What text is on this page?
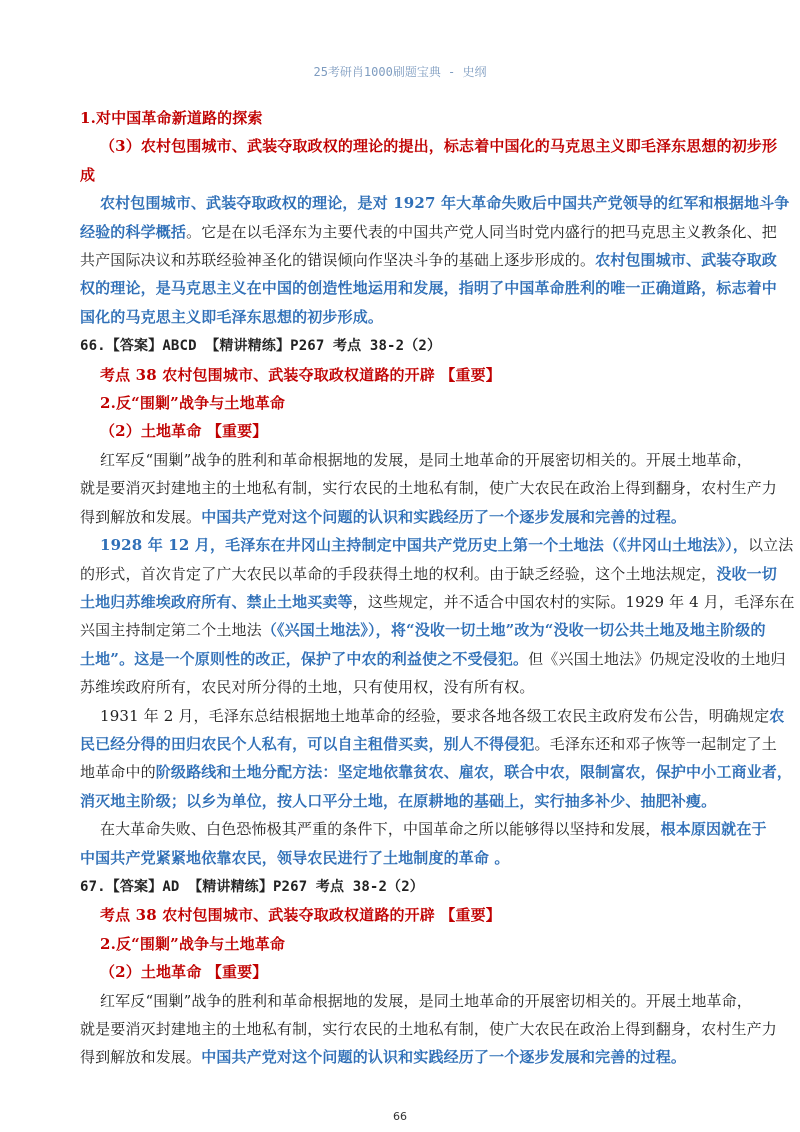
25考研肖1000刷题宝典 - 史纲
1.对中国革命新道路的探索
（3）农村包围城市、武装夺取政权的理论的提出，标志着中国化的马克思主义即毛泽东思想的初步形
成
农村包围城市、武装夺取政权的理论，是对 1927 年大革命失败后中国共产党领导的红军和根据地斗争
经验的科学概括。它是在以毛泽东为主要代表的中国共产党人同当时党内盛行的把马克思主义教条化、把
共产国际决议和苏联经验神圣化的错误倾向作坚决斗争的基础上逐步形成的。农村包围城市、武装夺取政
权的理论，是马克思主义在中国的创造性地运用和发展，指明了中国革命胜利的唯一正确道路，标志着中
国化的马克思主义即毛泽东思想的初步形成。
66.【答案】ABCD 【精讲精练】P267 考点 38-2（2）
考点 38 农村包围城市、武装夺取政权道路的开辟 【重要】
2.反“围剿”战争与土地革命
（2）土地革命 【重要】
红军反“围剿”战争的胜利和革命根据地的发展，是同土地革命的开展密切相关的。开展土地革命，
就是要消灭封建地主的土地私有制，实行农民的土地私有制，使广大农民在政治上得到翻身，农村生产力
得到解放和发展。中国共产党对这个问题的认识和实践经历了一个逐步发展和完善的过程。
1928 年 12 月，毛泽东在井冈山主持制定中国共产党历史上第一个土地法（《井冈山土地法》），以立法
的形式，首次肯定了广大农民以革命的手段获得土地的权利。由于缺乏经验，这个土地法规定，没收一切
土地归苏维埃政府所有、禁止土地买卖等，这些规定，并不适合中国农村的实际。1929 年 4 月，毛泽东在
兴国主持制定第二个土地法（《兴国土地法》），将“没收一切土地”改为“没收一切公共土地及地主阶级的
土地”。这是一个原则性的改正，保护了中农的利益使之不受侵犯。但《兴国土地法》仍规定没收的土地归
苏维埃政府所有，农民对所分得的土地，只有使用权，没有所有权。
1931 年 2 月，毛泽东总结根据地土地革命的经验，要求各地各级工农民主政府发布公告，明确规定农
民已经分得的田归农民个人私有，可以自主租借买卖，别人不得侵犯。毛泽东还和邓子恢等一起制定了土
地革命中的阶级路线和土地分配方法：坚定地依靠贫农、雇农，联合中农，限制富农，保护中小工商业者，
消灭地主阶级；以乡为单位，按人口平分土地，在原耕地的基础上，实行抽多补少、抽肥补瘦。
在大革命失败、白色恐怖极其严重的条件下，中国革命之所以能够得以坚持和发展，根本原因就在于
中国共产党紧紧地依靠农民，领导农民进行了土地制度的革命 。
67.【答案】AD 【精讲精练】P267 考点 38-2（2）
考点 38 农村包围城市、武装夺取政权道路的开辟 【重要】
2.反“围剿”战争与土地革命
（2）土地革命 【重要】
红军反“围剿”战争的胜利和革命根据地的发展，是同土地革命的开展密切相关的。开展土地革命，
就是要消灭封建地主的土地私有制，实行农民的土地私有制，使广大农民在政治上得到翻身，农村生产力
得到解放和发展。中国共产党对这个问题的认识和实践经历了一个逐步发展和完善的过程。
66
